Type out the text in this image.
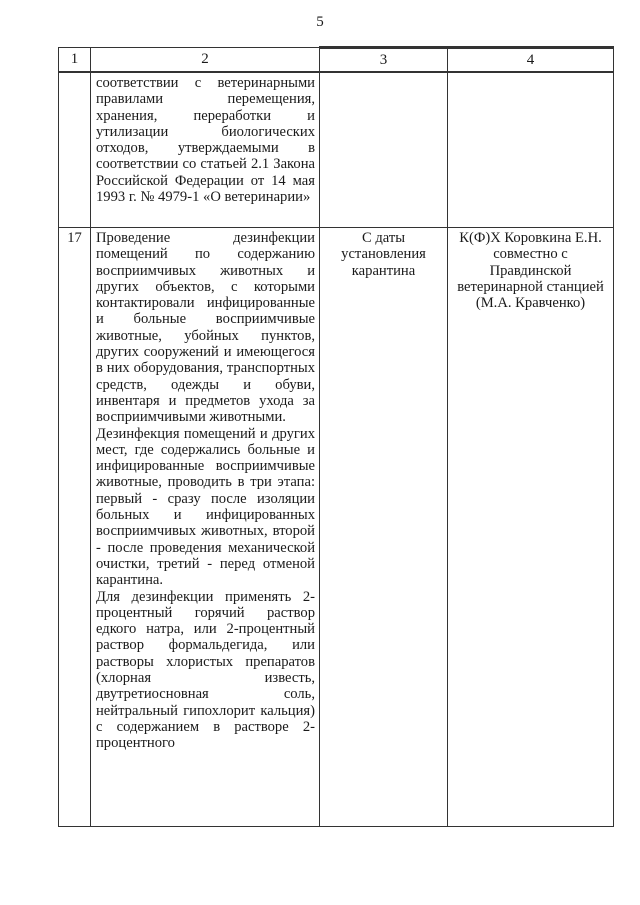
5
1	2	3	4

	соответствии с ветеринарными правилами перемещения, хранения, переработки и утилизации биологических отходов, утверждаемыми в соответствии со статьей 2.1 Закона Российской Федерации от 14 мая 1993 г. № 4979-1 «О ветеринарии»		

17	Проведение дезинфекции помещений по содержанию восприимчивых животных и других объектов, с которыми контактировали инфицированные и больные восприимчивые животные, убойных пунктов, других сооружений и имеющегося в них оборудования, транспортных средств, одежды и обуви, инвентаря и предметов ухода за восприимчивыми животными.

Дезинфекция помещений и других мест, где содержались больные и инфицированные восприимчивые животные, проводить в три этапа: первый - сразу после изоляции больных и инфицированных восприимчивых животных, второй - после проведения механической очистки, третий - перед отменой карантина.

Для дезинфекции применять 2-процентный горячий раствор едкого натра, или 2-процентный раствор формальдегида, или растворы хлористых препаратов (хлорная известь, двутретиосновная соль, нейтральный гипохлорит кальция) с содержанием в растворе 2-процентного	С даты установления карантина	К(Ф)Х Коровкина Е.Н. совместно с Правдинской ветеринарной станцией (М.А. Кравченко)
